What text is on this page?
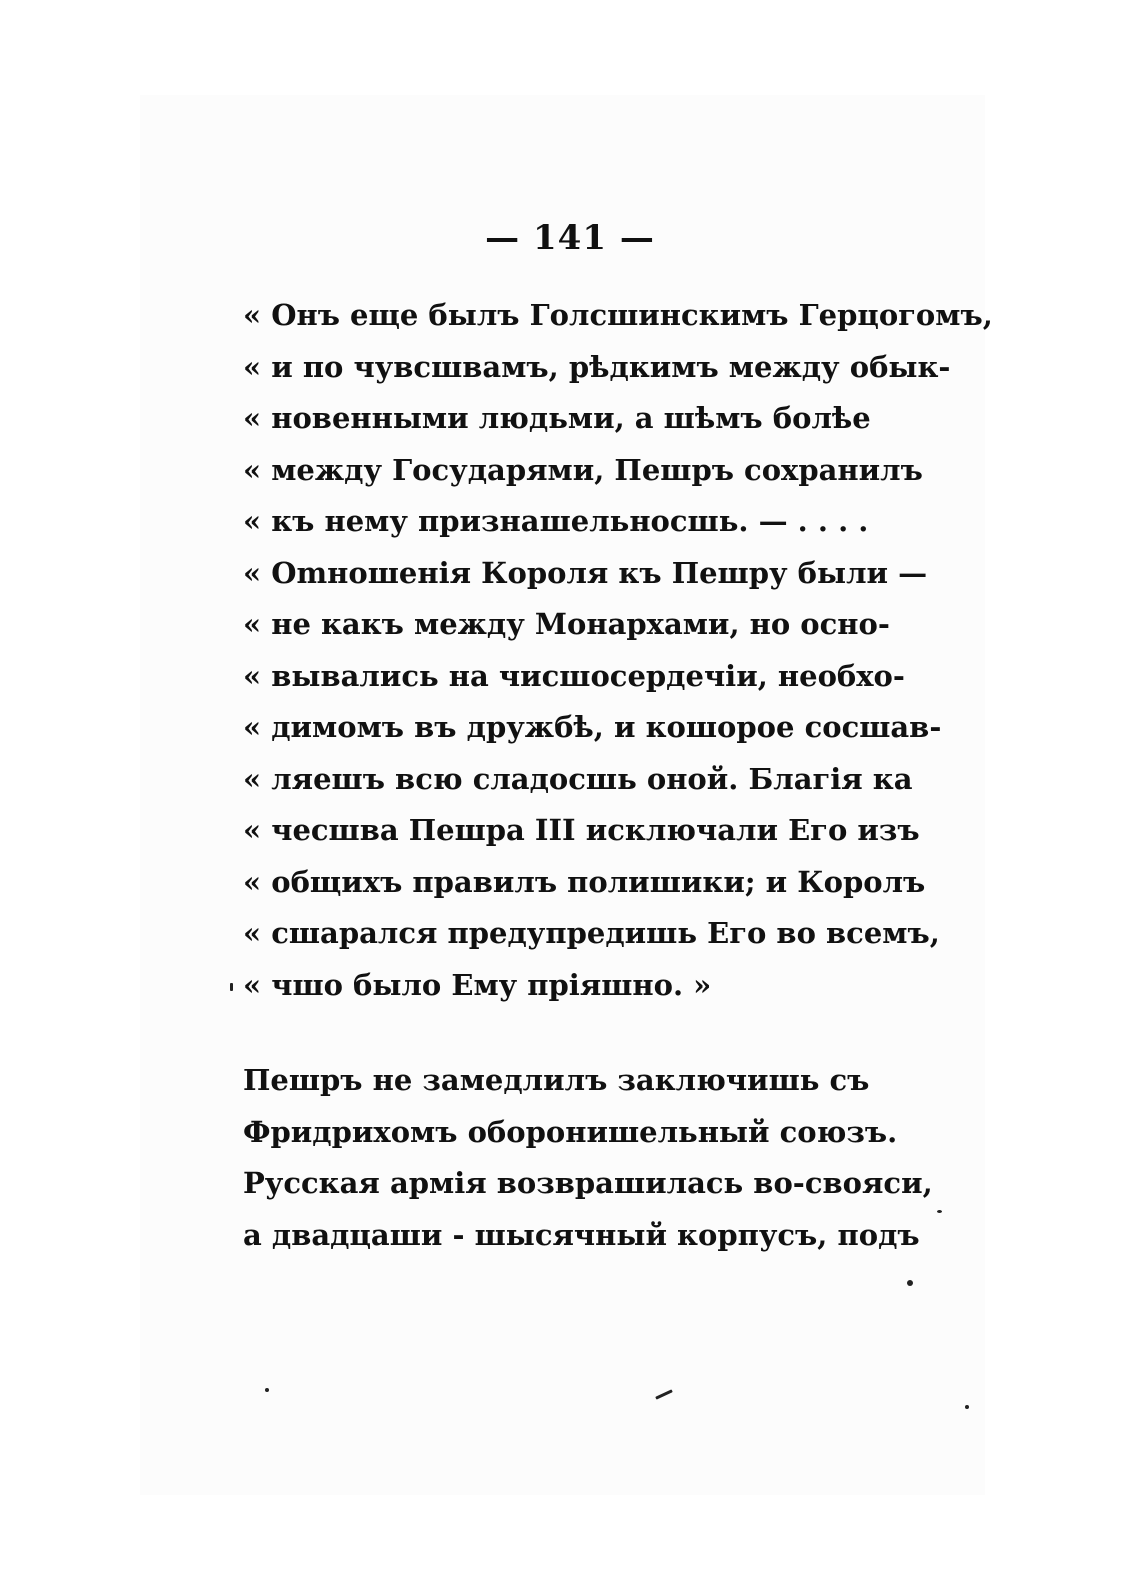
— 141 —
« Онъ еще былъ Голсшинскимъ Герцогомъ,
« и по чувсшвамъ, рѣдкимъ между обык-
« новенными людьми, а шѣмъ болѣе
« между Государями, Пешръ сохранилъ
« къ нему признашельносшь. — . . . .
« Оmношенія Короля къ Пешру были —
« не какъ между Монархами, но осно-
« вывались на чисшосердечіи, необхо-
« димомъ въ дружбѣ, и кошорое сосшав-
« ляешъ всю сладосшь оной. Благія ка
« чесшва Пешра III исключали Его изъ
« общихъ правилъ полишики; и Королъ
« сшарался предупредишь Его во всемъ,
« чшо было Ему пріяшно. »
Пешръ не замедлилъ заключишь съ
Фридрихомъ оборонишельный союзъ.
Русская армія возврашилась во-свояси,
а двадцаши - шысячный корпусъ, подъ
